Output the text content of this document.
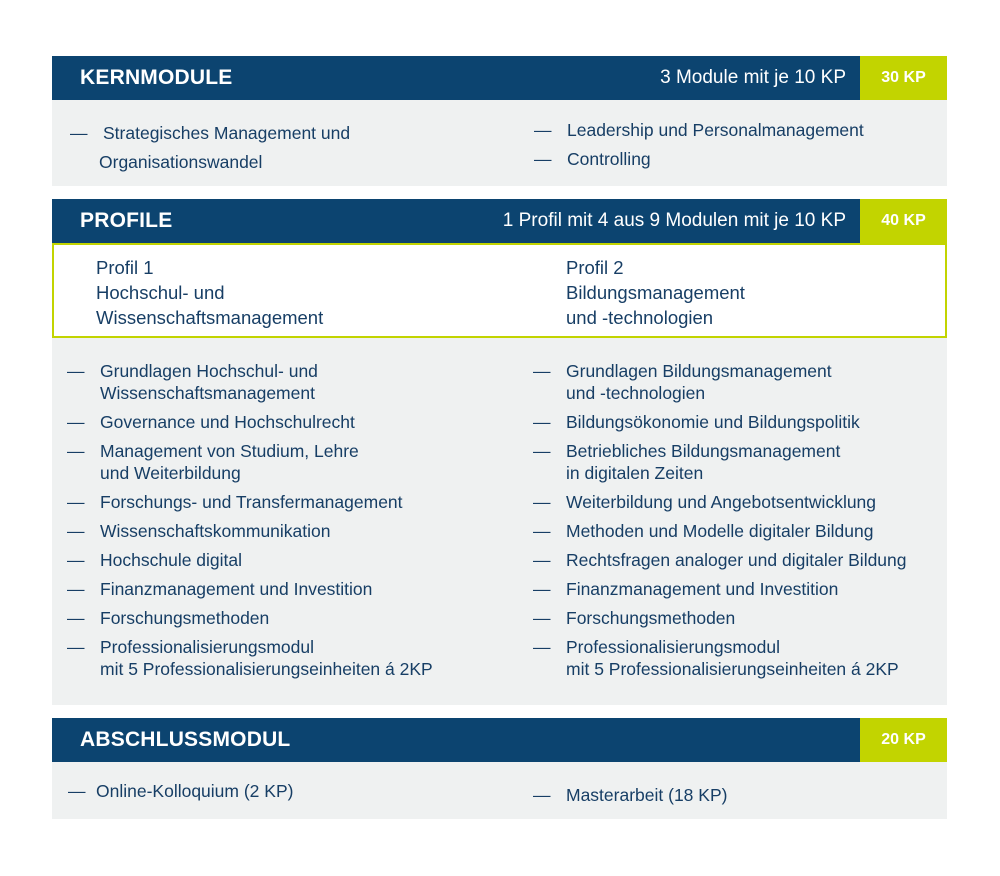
KERNMODULE	3 Module mit je 10 KP	30 KP
— Strategisches Management und
Organisationswandel
— Leadership und Personalmanagement
— Controlling
PROFILE	1 Profil mit 4 aus 9 Modulen mit je 10 KP	40 KP
Profil 1
Hochschul- und
Wissenschaftsmanagement
Profil 2
Bildungsmanagement
und -technologien
— Grundlagen Hochschul- und
Wissenschaftsmanagement
— Governance und Hochschulrecht
— Management von Studium, Lehre
und Weiterbildung
— Forschungs- und Transfermanagement
— Wissenschaftskommunikation
— Hochschule digital
— Finanzmanagement und Investition
— Forschungsmethoden
— Professionalisierungsmodul
mit 5 Professionalisierungseinheiten á 2KP
— Grundlagen Bildungsmanagement
und -technologien
— Bildungsökonomie und Bildungspolitik
— Betriebliches Bildungsmanagement
in digitalen Zeiten
— Weiterbildung und Angebotsentwicklung
— Methoden und Modelle digitaler Bildung
— Rechtsfragen analoger und digitaler Bildung
— Finanzmanagement und Investition
— Forschungsmethoden
— Professionalisierungsmodul
mit 5 Professionalisierungseinheiten á 2KP
ABSCHLUSSMODUL	20 KP
— Online-Kolloquium (2 KP)	— Masterarbeit (18 KP)
